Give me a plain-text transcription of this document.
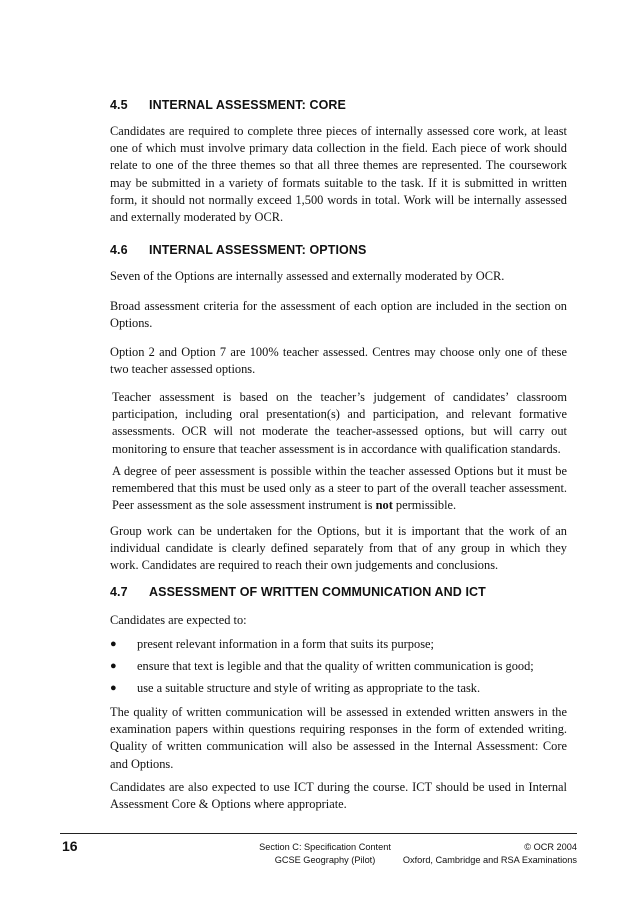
4.5 INTERNAL ASSESSMENT: CORE
Candidates are required to complete three pieces of internally assessed core work, at least one of which must involve primary data collection in the field. Each piece of work should relate to one of the three themes so that all three themes are represented. The coursework may be submitted in a variety of formats suitable to the task. If it is submitted in written form, it should not normally exceed 1,500 words in total. Work will be internally assessed and externally moderated by OCR.
4.6 INTERNAL ASSESSMENT: OPTIONS
Seven of the Options are internally assessed and externally moderated by OCR.
Broad assessment criteria for the assessment of each option are included in the section on Options.
Option 2 and Option 7 are 100% teacher assessed. Centres may choose only one of these two teacher assessed options.
Teacher assessment is based on the teacher’s judgement of candidates’ classroom participation, including oral presentation(s) and participation, and relevant formative assessments. OCR will not moderate the teacher-assessed options, but will carry out monitoring to ensure that teacher assessment is in accordance with qualification standards.
A degree of peer assessment is possible within the teacher assessed Options but it must be remembered that this must be used only as a steer to part of the overall teacher assessment. Peer assessment as the sole assessment instrument is not permissible.
Group work can be undertaken for the Options, but it is important that the work of an individual candidate is clearly defined separately from that of any group in which they work. Candidates are required to reach their own judgements and conclusions.
4.7 ASSESSMENT OF WRITTEN COMMUNICATION AND ICT
Candidates are expected to:
● present relevant information in a form that suits its purpose;
● ensure that text is legible and that the quality of written communication is good;
● use a suitable structure and style of writing as appropriate to the task.
The quality of written communication will be assessed in extended written answers in the examination papers within questions requiring responses in the form of extended writing. Quality of written communication will also be assessed in the Internal Assessment: Core and Options.
Candidates are also expected to use ICT during the course. ICT should be used in Internal Assessment Core & Options where appropriate.
16	Section C: Specification Content
GCSE Geography (Pilot)
© OCR 2004
Oxford, Cambridge and RSA Examinations
